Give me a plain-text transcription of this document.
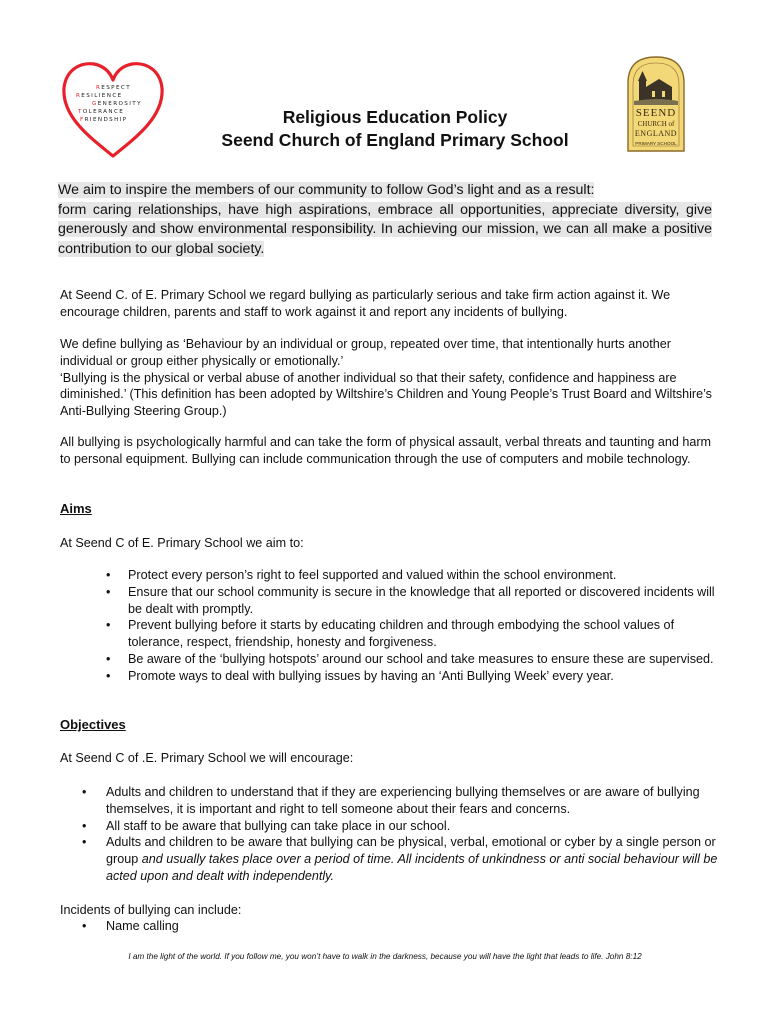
RESPECT
RESILIENCE
GENEROSITY
TOLERANCE
FRIENDSHIP
SEEND
CHURCH of
ENGLAND
PRIMARY SCHOOL
Religious Education Policy
Seend Church of England Primary School
We aim to inspire the members of our community to follow God’s light and as a result:
form caring relationships, have high aspirations, embrace all opportunities, appreciate diversity, give generously and show environmental responsibility. In achieving our mission, we can all make a positive contribution to our global society.
At Seend C. of E. Primary School we regard bullying as particularly serious and take firm action against it. We encourage children, parents and staff to work against it and report any incidents of bullying.
We define bullying as ‘Behaviour by an individual or group, repeated over time, that intentionally hurts another individual or group either physically or emotionally.’
‘Bullying is the physical or verbal abuse of another individual so that their safety, confidence and happiness are diminished.’ (This definition has been adopted by Wiltshire’s Children and Young People’s Trust Board and Wiltshire’s Anti-Bullying Steering Group.)
All bullying is psychologically harmful and can take the form of physical assault, verbal threats and taunting and harm to personal equipment. Bullying can include communication through the use of computers and mobile technology.
Aims
At Seend C of E. Primary School we aim to:
• Protect every person’s right to feel supported and valued within the school environment.
• Ensure that our school community is secure in the knowledge that all reported or discovered incidents will be dealt with promptly.
• Prevent bullying before it starts by educating children and through embodying the school values of tolerance, respect, friendship, honesty and forgiveness.
• Be aware of the ‘bullying hotspots’ around our school and take measures to ensure these are supervised.
• Promote ways to deal with bullying issues by having an ‘Anti Bullying Week’ every year.
Objectives
At Seend C of .E. Primary School we will encourage:
• Adults and children to understand that if they are experiencing bullying themselves or are aware of bullying themselves, it is important and right to tell someone about their fears and concerns.
• All staff to be aware that bullying can take place in our school.
• Adults and children to be aware that bullying can be physical, verbal, emotional or cyber by a single person or group and usually takes place over a period of time. All incidents of unkindness or anti social behaviour will be acted upon and dealt with independently.
Incidents of bullying can include:
• Name calling
I am the light of the world. If you follow me, you won’t have to walk in the darkness, because you will have the light that leads to life. John 8:12
